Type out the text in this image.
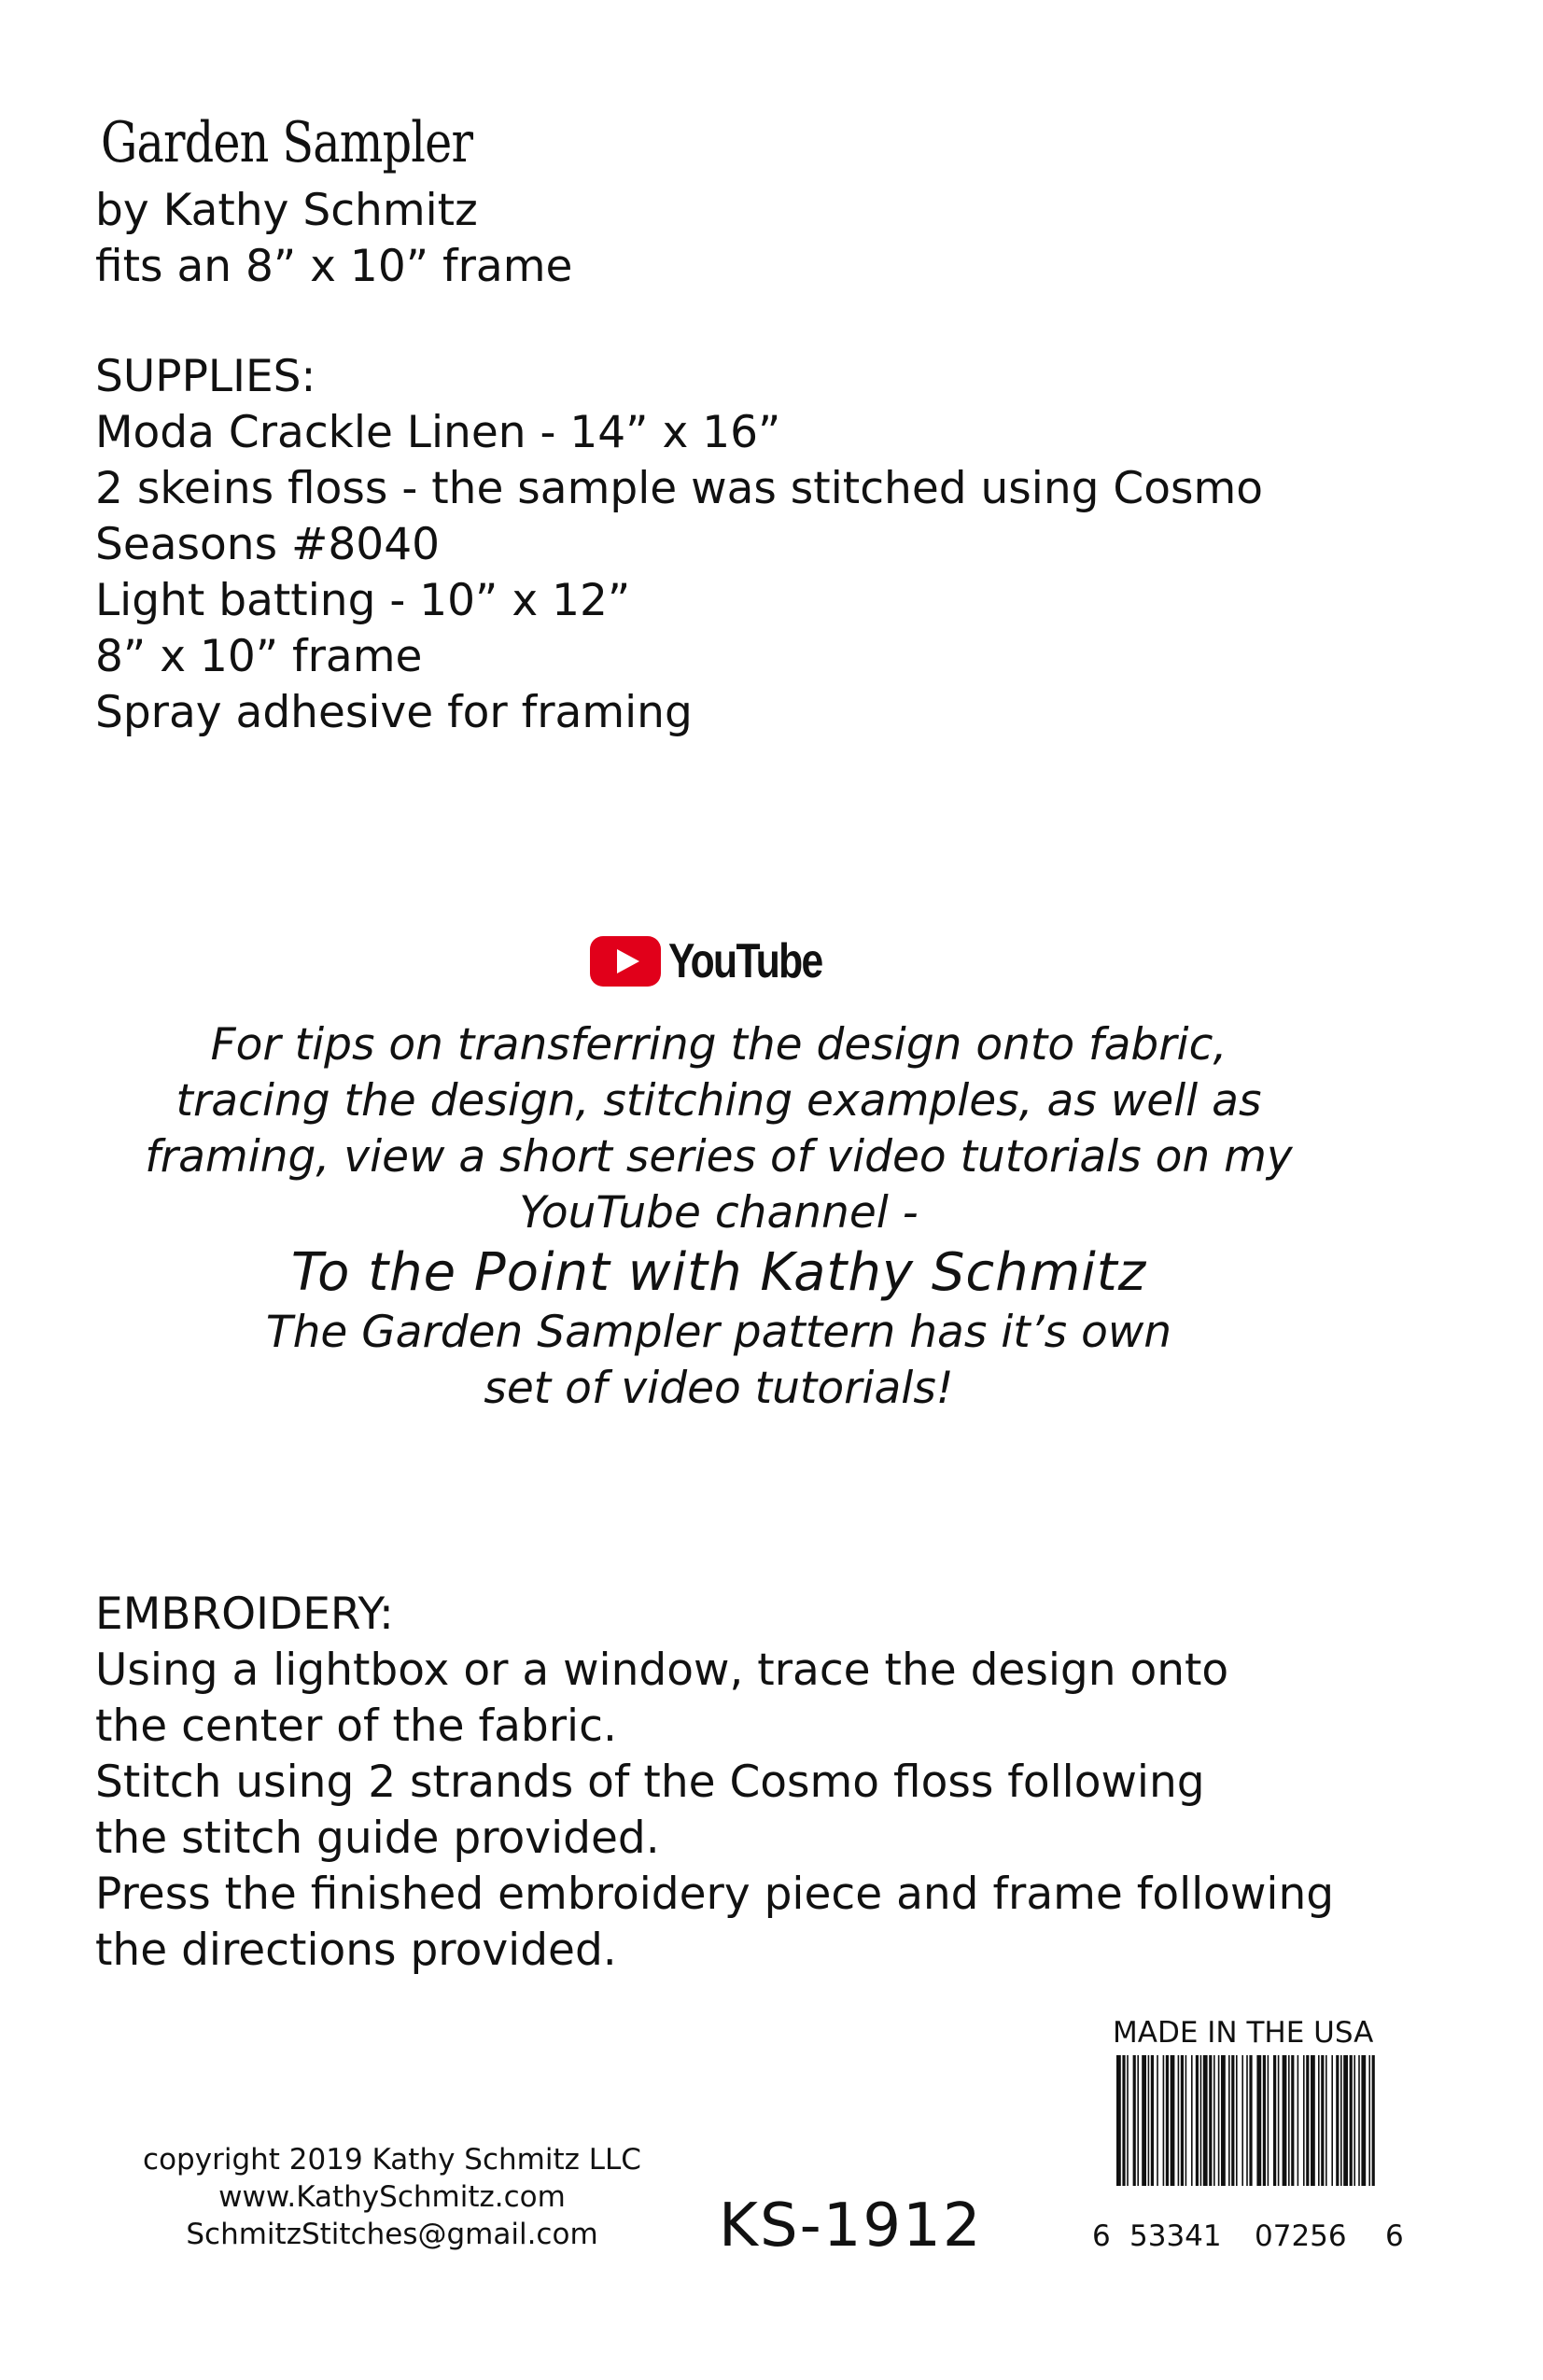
Garden Sampler
by Kathy Schmitz
fits an 8” x 10” frame
SUPPLIES:
Moda Crackle Linen - 14” x 16”
2 skeins floss - the sample was stitched using Cosmo
Seasons #8040
Light batting - 10” x 12”
8” x 10” frame
Spray adhesive for framing
YouTube
For tips on transferring the design onto fabric,
tracing the design, stitching examples, as well as
framing, view a short series of video tutorials on my
YouTube channel -
To the Point with Kathy Schmitz
The Garden Sampler pattern has it’s own
set of video tutorials!
EMBROIDERY:
Using a lightbox or a window, trace the design onto
the center of the fabric.
Stitch using 2 strands of the Cosmo floss following
the stitch guide provided.
Press the finished embroidery piece and frame following
the directions provided.
copyright 2019 Kathy Schmitz LLC
www.KathySchmitz.com
SchmitzStitches@gmail.com	KS-1912
MADE IN THE USA
6 53341 07256 6
